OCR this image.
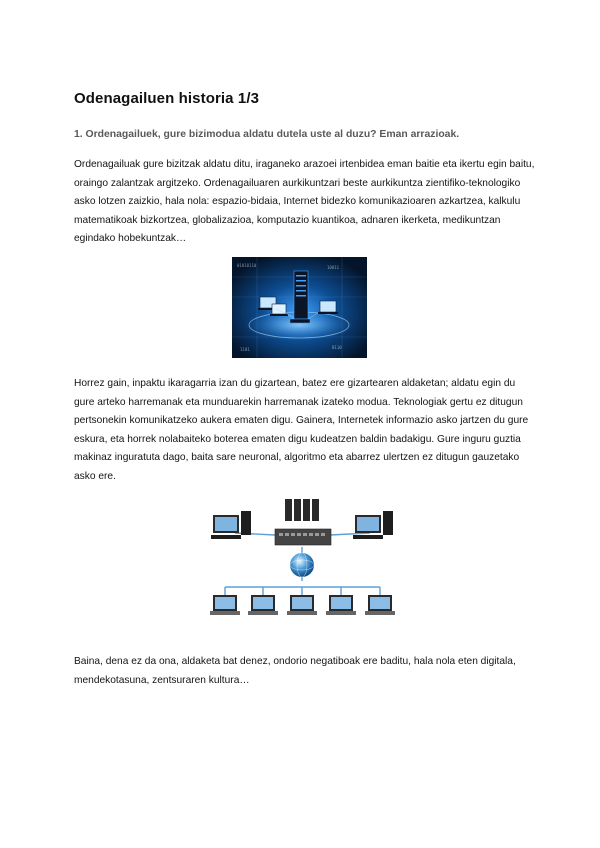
Odenagailuen historia 1/3
1. Ordenagailuek, gure bizimodua aldatu dutela uste al duzu? Eman arrazioak.
Ordenagailuak gure bizitzak aldatu ditu, iraganeko arazoei irtenbidea eman baitie eta ikertu egin baitu, oraingo zalantzak argitzeko. Ordenagailuaren aurkikuntzari beste aurkikuntza zientifiko-teknologiko asko lotzen zaizkio, hala nola: espazio-bidaia, Internet bidezko komunikazioaren azkartzea, kalkulu matematikoak bizkortzea, globalizazioa, komputazio kuantikoa, adnaren ikerketa, medikuntzan egindako hobekuntzak…
01010110	10011
0110
1101
Horrez gain, inpaktu ikaragarria izan du gizartean, batez ere gizartearen aldaketan; aldatu egin du gure arteko harremanak eta munduarekin harremanak izateko modua. Teknologiak gertu ez ditugun pertsonekin komunikatzeko aukera ematen digu. Gainera, Internetek informazio asko jartzen du gure eskura, eta horrek nolabaiteko boterea ematen digu kudeatzen baldin badakigu. Gure inguru guztia makinaz inguratuta dago, baita sare neuronal, algoritmo eta abarrez ulertzen ez ditugun gauzetako asko ere.
Baina, dena ez da ona, aldaketa bat denez, ondorio negatiboak ere baditu, hala nola eten digitala, mendekotasuna, zentsuraren kultura…
